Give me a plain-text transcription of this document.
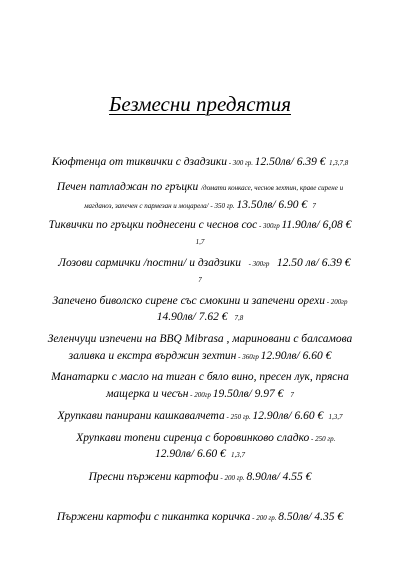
Безмесни предястия
Кюфтенца от тиквички с дзадзики - 300 гр. 12.50лв/ 6.39 € 1,3,7,8
Печен патладжан по гръцки /домати конкасе, чеснов зехтин, краве сирене и
магданоз, запечен с пармезан и моцарела/ - 350 гр. 13.50лв/ 6.90 € 7
Тиквички по гръцки поднесени с чеснов сос - 300гр 11.90лв/ 6,08 €
1,7
Лозови сармички /постни/ и дзадзики   - 300гр   12.50 лв/ 6.39 €
7
Запечено биволско сирене със смокини и запечени орехи - 200гр
14.90лв/ 7.62 € 7,8
Зеленчуци изпечени на BBQ Mibrasa , мариновани с балсамова
заливка и екстра върджин зехтин - 360гр 12.90лв/ 6.60 €
Манатарки с масло на тиган с бяло вино, пресен лук, прясна
мащерка и чесън - 200гр 19.50лв/ 9.97 € 7
Хрупкави панирани кашкавалчета - 250 гр. 12.90лв/ 6.60 € 1,3,7
Хрупкави топени сиренца с боровинково сладко - 250 гр.
12.90лв/ 6.60 € 1,3,7
Пресни пържени картофи - 200 гр. 8.90лв/ 4.55 €
Пържени картофи с пикантка коричка - 200 гр. 8.50лв/ 4.35 €
